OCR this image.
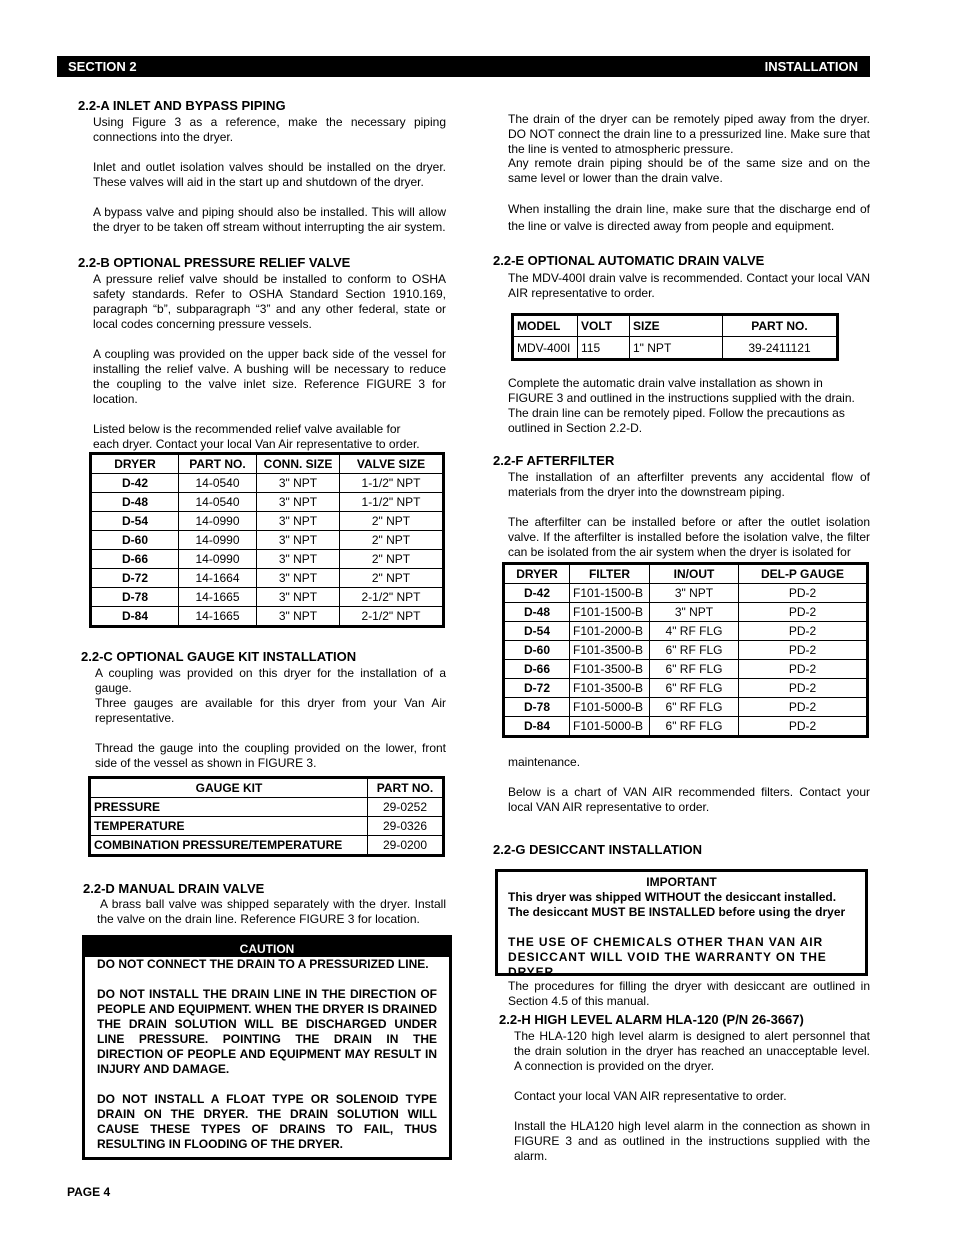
SECTION 2	INSTALLATION
2.2-A INLET AND BYPASS PIPING

Using Figure 3 as a reference, make the necessary piping connections into the dryer.

Inlet and outlet isolation valves should be installed on the dryer. These valves will aid in the start up and shutdown of the dryer.

A bypass valve and piping should also be installed. This will allow the dryer to be taken off stream without interrupting the air system.

2.2-B OPTIONAL PRESSURE RELIEF VALVE

A pressure relief valve should be installed to conform to OSHA safety standards. Refer to OSHA Standard Section 1910.169, paragraph “b”, subparagraph “3” and any other federal, state or local codes concerning pressure vessels.

A coupling was provided on the upper back side of the vessel for installing the relief valve. A bushing will be necessary to reduce the coupling to the valve inlet size. Reference FIGURE 3 for location.

Listed below is the recommended relief valve available for

each dryer. Contact your local Van Air representative to order.

DRYER	PART NO.	CONN. SIZE	VALVE SIZE
D-42	14-0540	3" NPT	1-1/2" NPT
D-48	14-0540	3" NPT	1-1/2" NPT
D-54	14-0990	3" NPT	2" NPT
D-60	14-0990	3" NPT	2" NPT
D-66	14-0990	3" NPT	2" NPT
D-72	14-1664	3" NPT	2" NPT
D-78	14-1665	3" NPT	2-1/2" NPT
D-84	14-1665	3" NPT	2-1/2" NPT
2.2-C OPTIONAL GAUGE KIT INSTALLATION

A coupling was provided on this dryer for the installation of a gauge.

Three gauges are available for this dryer from your Van Air representative.

Thread the gauge into the coupling provided on the lower, front side of the vessel as shown in FIGURE 3.

GAUGE KIT	PART NO.
PRESSURE	29-0252
TEMPERATURE	29-0326
COMBINATION PRESSURE/TEMPERATURE	29-0200
2.2-D MANUAL DRAIN VALVE

A brass ball valve was shipped separately with the dryer. Install the valve on the drain line. Reference FIGURE 3 for location.

CAUTION

DO NOT CONNECT THE DRAIN TO A PRESSURIZED LINE.

DO NOT INSTALL THE DRAIN LINE IN THE DIRECTION OF PEOPLE AND EQUIPMENT. WHEN THE DRYER IS DRAINED THE DRAIN SOLUTION WILL BE DISCHARGED UNDER LINE PRESSURE. POINTING THE DRAIN IN THE DIRECTION OF PEOPLE AND EQUIPMENT MAY RESULT IN INJURY AND DAMAGE.

DO NOT INSTALL A FLOAT TYPE OR SOLENOID TYPE DRAIN ON THE DRYER. THE DRAIN SOLUTION WILL CAUSE THESE TYPES OF DRAINS TO FAIL, THUS RESULTING IN FLOODING OF THE DRYER.

The drain of the dryer can be remotely piped away from the dryer. DO NOT connect the drain line to a pressurized line. Make sure that the line is vented to atmospheric pressure.

Any remote drain piping should be of the same size and on the same level or lower than the drain valve.

When installing the drain line, make sure that the discharge end of the line or valve is directed away from people and equipment.

2.2-E OPTIONAL AUTOMATIC DRAIN VALVE

The MDV-400I drain valve is recommended. Contact your local VAN AIR representative to order.

MODEL	VOLT	SIZE	PART NO.
MDV-400I	115	1" NPT	39-2411121

Complete the automatic drain valve installation as shown in FIGURE 3 and outlined in the instructions supplied with the drain. The drain line can be remotely piped. Follow the precautions as outlined in Section 2.2-D.

2.2-F AFTERFILTER

The installation of an afterfilter prevents any accidental flow of materials from the dryer into the downstream piping.

The afterfilter can be installed before or after the outlet isolation valve. If the afterfilter is installed before the isolation valve, the filter can be isolated from the air system when the dryer is isolated for

DRYER	FILTER	IN/OUT	DEL-P GAUGE
D-42	F101-1500-B	3" NPT	PD-2
D-48	F101-1500-B	3" NPT	PD-2
D-54	F101-2000-B	4" RF FLG	PD-2
D-60	F101-3500-B	6" RF FLG	PD-2
D-66	F101-3500-B	6" RF FLG	PD-2
D-72	F101-3500-B	6" RF FLG	PD-2
D-78	F101-5000-B	6" RF FLG	PD-2
D-84	F101-5000-B	6" RF FLG	PD-2

maintenance.

Below is a chart of VAN AIR recommended filters. Contact your local VAN AIR representative to order.

2.2-G DESICCANT INSTALLATION

IMPORTANT

This dryer was shipped WITHOUT the desiccant installed. The desiccant MUST BE INSTALLED before using the dryer

THE USE OF CHEMICALS OTHER THAN VAN AIR DESICCANT WILL VOID THE WARRANTY ON THE DRYER.

The procedures for filling the dryer with desiccant are outlined in Section 4.5 of this manual.

2.2-H HIGH LEVEL ALARM HLA-120 (P/N 26-3667)

The HLA-120 high level alarm is designed to alert personnel that the drain solution in the dryer has reached an unacceptable level. A connection is provided on the dryer.

Contact your local VAN AIR representative to order.

Install the HLA120 high level alarm in the connection as shown in FIGURE 3 and as outlined in the instructions supplied with the alarm.

PAGE 4
